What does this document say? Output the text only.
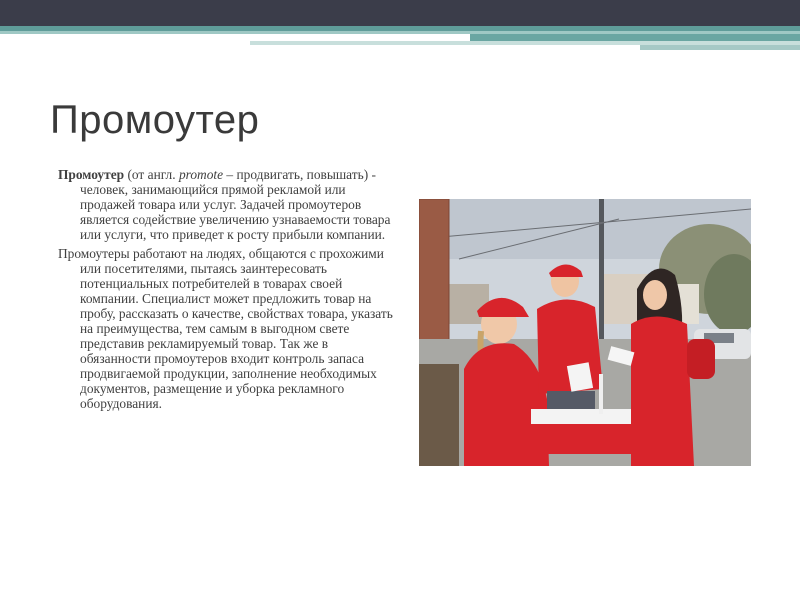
Промоутер

Промоутер (от англ. promote – продвигать, повышать) - человек, занимающийся прямой рекламой или продажей товара или услуг. Задачей промоутеров является содействие увеличению узнаваемости товара или услуги, что приведет к росту прибыли компании.

Промоутеры работают на людях, общаются с прохожими или посетителями, пытаясь заинтересовать потенциальных потребителей в товарах своей компании. Специалист может предложить товар на пробу, рассказать о качестве, свойствах товара, указать на преимущества, тем самым в выгодном свете представив рекламируемый товар. Так же в обязанности промоутеров входит контроль запаса продвигаемой продукции, заполнение необходимых документов, размещение и уборка рекламного оборудования.
